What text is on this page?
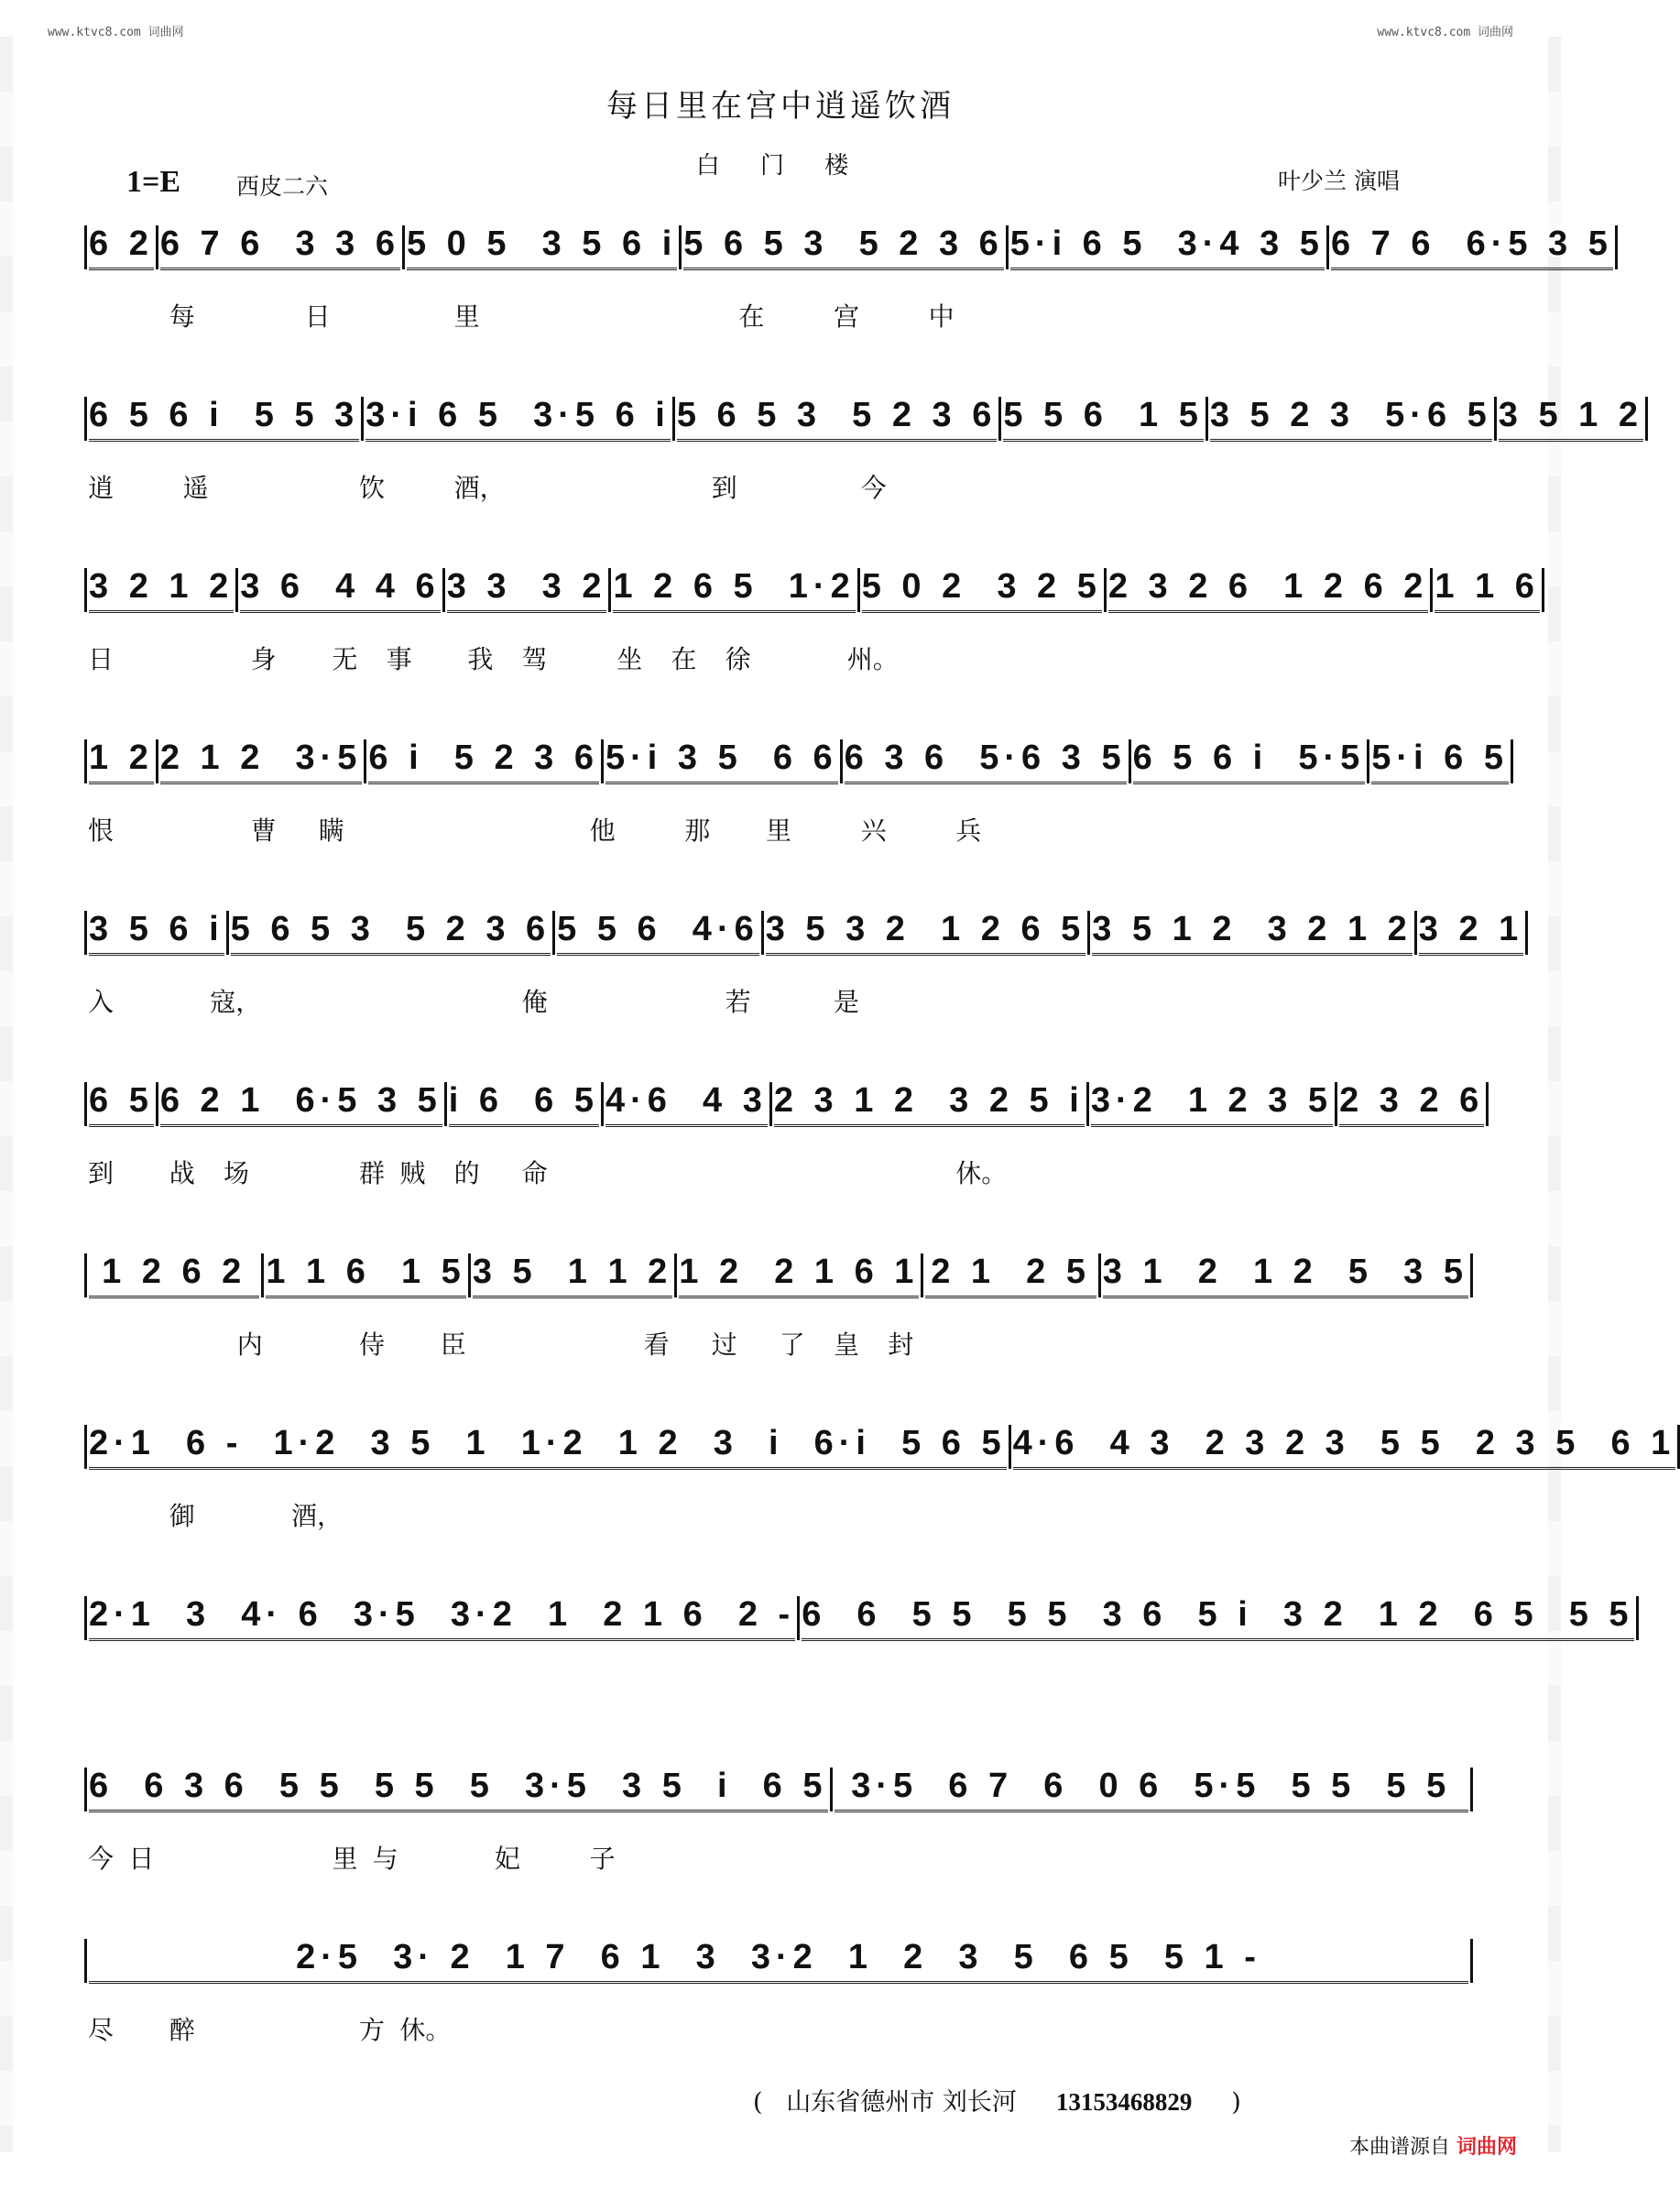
www.ktvc8.com 词曲网	www.ktvc8.com 词曲网
每日里在宫中逍遥饮酒
白 门 楼
1=E 西皮二六	叶少兰 演唱
6 2 6 7 6  3 3 6 5 0 5  3 5 6 i 5 6 5 3  5 2 3 6 5·i 6 5  3·4 3 5 6 7 6  6·5 3 5
每	日	里	在	宫	中
6 5 6 i  5 5 3 3·i 6 5  3·5 6 i 5 6 5 3  5 2 3 6 5 5 6  1 5 3 5 2 3  5·6 5 3 5 1 2
逍	遥	饮	酒，	到	今
3 2 1 2 3 6  4 4 6 3 3  3 2 1 2 6 5  1·2 5 0 2  3 2 5 2 3 2 6  1 2 6 2 1 1 6
日	身 无 事 我 驾	坐 在 徐	州。
1 2 2 1 2  3·5 6 i  5 2 3 6 5·i 3 5  6 6 6 3 6  5·6 3 5 6 5 6 i  5·5 5·i 6 5
恨	曹 瞒	他	那 里	兴	兵
3 5 6 i 5 6 5 3  5 2 3 6 5 5 6  4·6 3 5 3 2  1 2 6 5 3 5 1 2  3 2 1 2 3 2 1
入	寇，	俺	若	是
6 5 6 2 1  6·5 3 5 i 6  6 5 4·6  4 3 2 3 1 2  3 2 5 i 3·2  1 2 3 5 2 3 2 6
到 战 场	群 贼 的 命	休。
1 2 6 2 1 1 6  1 5 3 5  1 1 2 1 2  2 1 6 1 2 1  2 5 3 1  2  1 2  5  3 5
内	侍 臣	看 过 了 皇 封
2·1  6 -  1·2  3 5  1  1·2  1 2  3  i  6·i  5 6 5 4·6  4 3  2 3 2 3  5 5  2 3 5  6 1
御	酒，
2·1  3  4· 6  3·5  3·2  1  2 1 6  2 - 6  6  5 5  5 5  3 6  5 i  3 2  1 2  6 5  5 5
6  6 3 6  5 5  5 5  5  3·5  3 5  i  6 5 3·5  6 7  6  0 6  5·5  5 5  5 5
今 日	里 与	妃	子
2·5  3· 2  1 7  6 1  3  3·2  1  2  3  5  6 5  5 1 -
尽 醉	方 休。
( 山东省德州市 刘长河 13153468829 )
本曲谱源自 词曲网
